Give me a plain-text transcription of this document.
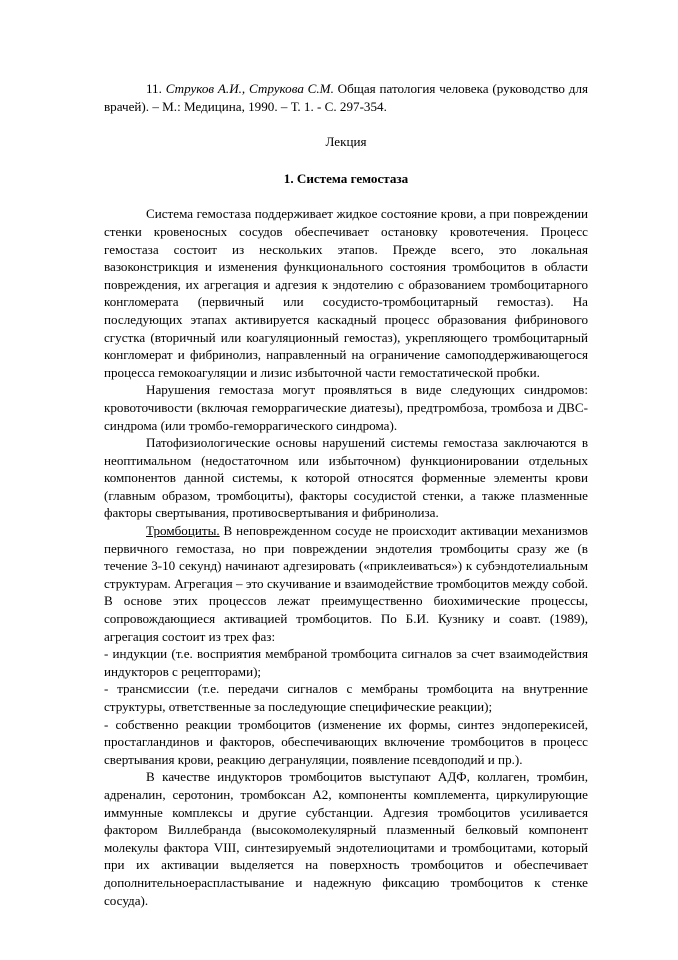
11. Струков А.И., Струкова С.М. Общая патология человека (руководство для врачей). – М.: Медицина, 1990. – Т. 1. - С. 297-354.

Лекция

1. Система гемостаза

Система гемостаза поддерживает жидкое состояние крови, а при повреждении стенки кровеносных сосудов обеспечивает остановку кровотечения. Процесс гемостаза состоит из нескольких этапов. Прежде всего, это локальная вазоконстрикция и изменения функционального состояния тромбоцитов в области повреждения, их агрегация и адгезия к эндотелию с образованием тромбоцитарного конгломерата (первичный или сосудисто-тромбоцитарный гемостаз). На последующих этапах активируется каскадный процесс образования фибринового сгустка (вторичный или коагуляционный гемостаз), укрепляющего тромбоцитарный конгломерат и фибринолиз, направленный на ограничение самоподдерживающегося процесса гемокоагуляции и лизис избыточной части гемостатической пробки.

Нарушения гемостаза могут проявляться в виде следующих синдромов: кровоточивости (включая геморрагические диатезы), предтромбоза, тромбоза и ДВС-синдрома (или тромбо-геморрагического синдрома).

Патофизиологические основы нарушений системы гемостаза заключаются в неоптимальном (недостаточном или избыточном) функционировании отдельных компонентов данной системы, к которой относятся форменные элементы крови (главным образом, тромбоциты), факторы сосудистой стенки, а также плазменные факторы свертывания, противосвертывания и фибринолиза.

Тромбоциты. В неповрежденном сосуде не происходит активации механизмов первичного гемостаза, но при повреждении эндотелия тромбоциты сразу же (в течение 3-10 секунд) начинают адгезировать («приклеиваться») к субэндотелиальным структурам. Агрегация – это скучивание и взаимодействие тромбоцитов между собой. В основе этих процессов лежат преимущественно биохимические процессы, сопровождающиеся активацией тромбоцитов. По Б.И. Кузнику и соавт. (1989), агрегация состоит из трех фаз:

- индукции (т.е. восприятия мембраной тромбоцита сигналов за счет взаимодействия индукторов с рецепторами);

- трансмиссии (т.е. передачи сигналов с мембраны тромбоцита на внутренние структуры, ответственные за последующие специфические реакции);

- собственно реакции тромбоцитов (изменение их формы, синтез эндоперекисей, простагландинов и факторов, обеспечивающих включение тромбоцитов в процесс свертывания крови, реакцию дегрануляции, появление псевдоподий и пр.).

В качестве индукторов тромбоцитов выступают АДФ, коллаген, тромбин, адреналин, серотонин, тромбоксан А2, компоненты комплемента, циркулирующие иммунные комплексы и другие субстанции. Адгезия тромбоцитов усиливается фактором Виллебранда (высокомолекулярный плазменный белковый компонент молекулы фактора VIII, синтезируемый эндотелиоцитами и тромбоцитами, который при их активации выделяется на поверхность тромбоцитов и обеспечивает дополнительноераспластывание и надежную фиксацию тромбоцитов к стенке сосуда).
